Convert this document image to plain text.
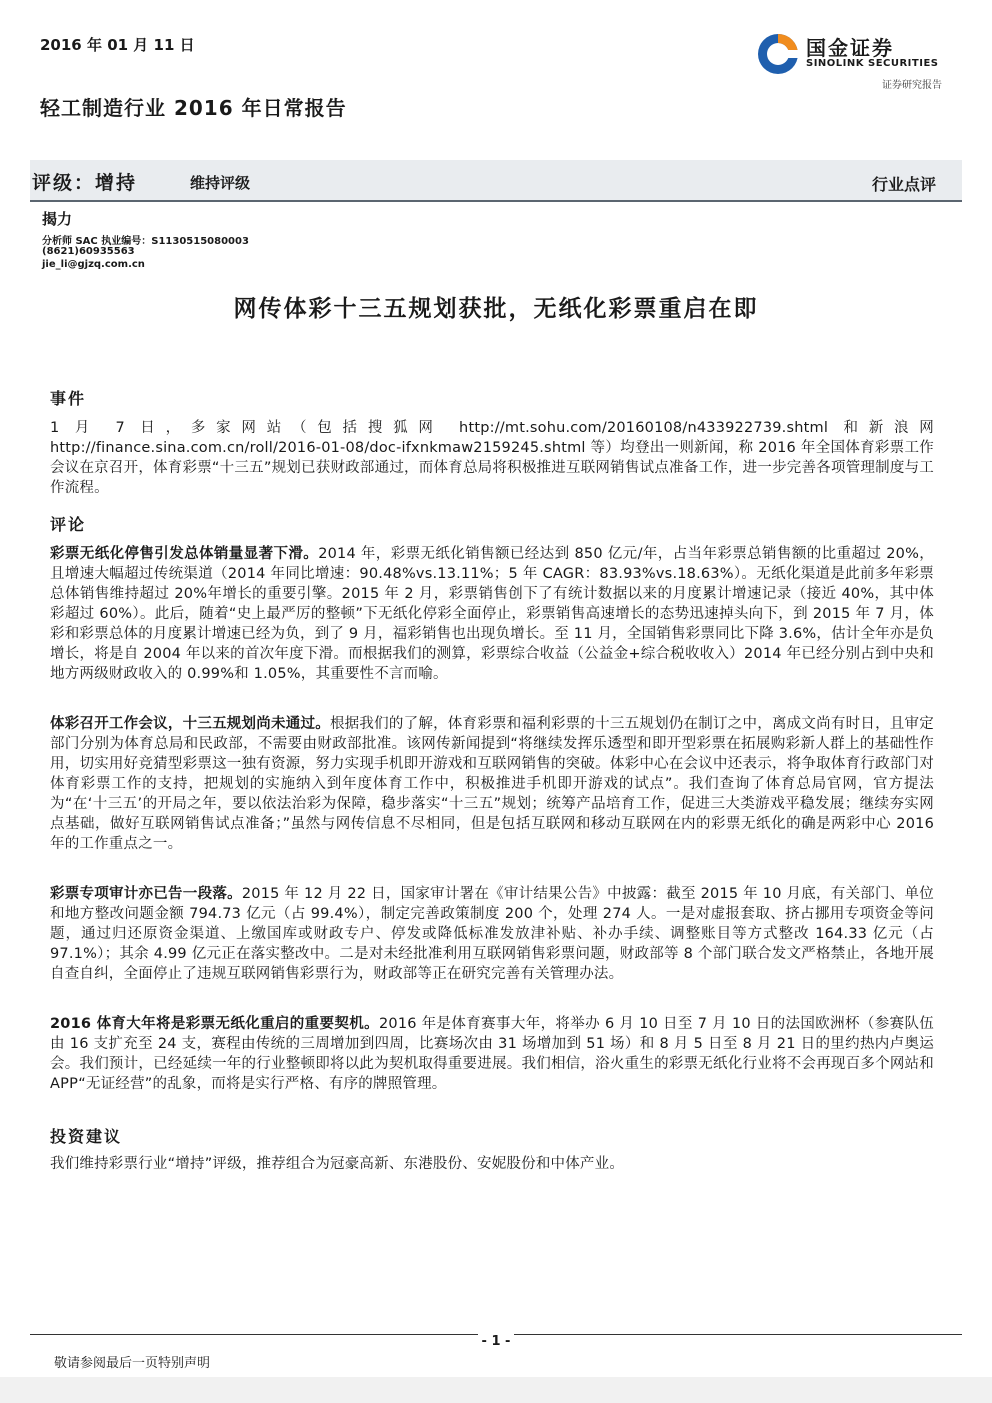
2016 年 01 月 11 日
轻工制造行业 2016 年日常报告
国金证券
SINOLINK SECURITIES
证券研究报告
评级：增持	维持评级	行业点评
揭力
分析师 SAC 执业编号：S1130515080003
(8621)60935563
jie_li@gjzq.com.cn
网传体彩十三五规划获批，无纸化彩票重启在即
事件
1 月 7 日，多家网站（包括搜狐网 http://mt.sohu.com/20160108/n433922739.shtml 和新浪网 http://finance.sina.com.cn/roll/2016-01-08/doc-ifxnkmaw2159245.shtml 等）均登出一则新闻，称 2016 年全国体育彩票工作会议在京召开，体育彩票“十三五”规划已获财政部通过，而体育总局将积极推进互联网销售试点准备工作，进一步完善各项管理制度与工作流程。
评论
彩票无纸化停售引发总体销量显著下滑。2014 年，彩票无纸化销售额已经达到 850 亿元/年，占当年彩票总销售额的比重超过 20%，且增速大幅超过传统渠道（2014 年同比增速：90.48%vs.13.11%；5 年 CAGR：83.93%vs.18.63%）。无纸化渠道是此前多年彩票总体销售维持超过 20%年增长的重要引擎。2015 年 2 月，彩票销售创下了有统计数据以来的月度累计增速记录（接近 40%，其中体彩超过 60%）。此后，随着“史上最严厉的整顿”下无纸化停彩全面停止，彩票销售高速增长的态势迅速掉头向下，到 2015 年 7 月，体彩和彩票总体的月度累计增速已经为负，到了 9 月，福彩销售也出现负增长。至 11 月，全国销售彩票同比下降 3.6%，估计全年亦是负增长，将是自 2004 年以来的首次年度下滑。而根据我们的测算，彩票综合收益（公益金+综合税收收入）2014 年已经分别占到中央和地方两级财政收入的 0.99%和 1.05%，其重要性不言而喻。
体彩召开工作会议，十三五规划尚未通过。根据我们的了解，体育彩票和福利彩票的十三五规划仍在制订之中，离成文尚有时日，且审定部门分别为体育总局和民政部，不需要由财政部批准。该网传新闻提到“将继续发挥乐透型和即开型彩票在拓展购彩新人群上的基础性作用，切实用好竞猜型彩票这一独有资源，努力实现手机即开游戏和互联网销售的突破。体彩中心在会议中还表示，将争取体育行政部门对体育彩票工作的支持，把规划的实施纳入到年度体育工作中，积极推进手机即开游戏的试点”。我们查询了体育总局官网，官方提法为“在‘十三五’的开局之年，要以依法治彩为保障，稳步落实“十三五”规划；统筹产品培育工作，促进三大类游戏平稳发展；继续夯实网点基础，做好互联网销售试点准备；”虽然与网传信息不尽相同，但是包括互联网和移动互联网在内的彩票无纸化的确是两彩中心 2016 年的工作重点之一。
彩票专项审计亦已告一段落。2015 年 12 月 22 日，国家审计署在《审计结果公告》中披露：截至 2015 年 10 月底，有关部门、单位和地方整改问题金额 794.73 亿元（占 99.4%），制定完善政策制度 200 个，处理 274 人。一是对虚报套取、挤占挪用专项资金等问题，通过归还原资金渠道、上缴国库或财政专户、停发或降低标准发放津补贴、补办手续、调整账目等方式整改 164.33 亿元（占 97.1%）；其余 4.99 亿元正在落实整改中。二是对未经批准利用互联网销售彩票问题，财政部等 8 个部门联合发文严格禁止，各地开展自查自纠，全面停止了违规互联网销售彩票行为，财政部等正在研究完善有关管理办法。
2016 体育大年将是彩票无纸化重启的重要契机。2016 年是体育赛事大年，将举办 6 月 10 日至 7 月 10 日的法国欧洲杯（参赛队伍由 16 支扩充至 24 支，赛程由传统的三周增加到四周，比赛场次由 31 场增加到 51 场）和 8 月 5 日至 8 月 21 日的里约热内卢奥运会。我们预计，已经延续一年的行业整顿即将以此为契机取得重要进展。我们相信，浴火重生的彩票无纸化行业将不会再现百多个网站和 APP“无证经营”的乱象，而将是实行严格、有序的牌照管理。
投资建议
我们维持彩票行业“增持”评级，推荐组合为冠豪高新、东港股份、安妮股份和中体产业。
- 1 -
敬请参阅最后一页特别声明
